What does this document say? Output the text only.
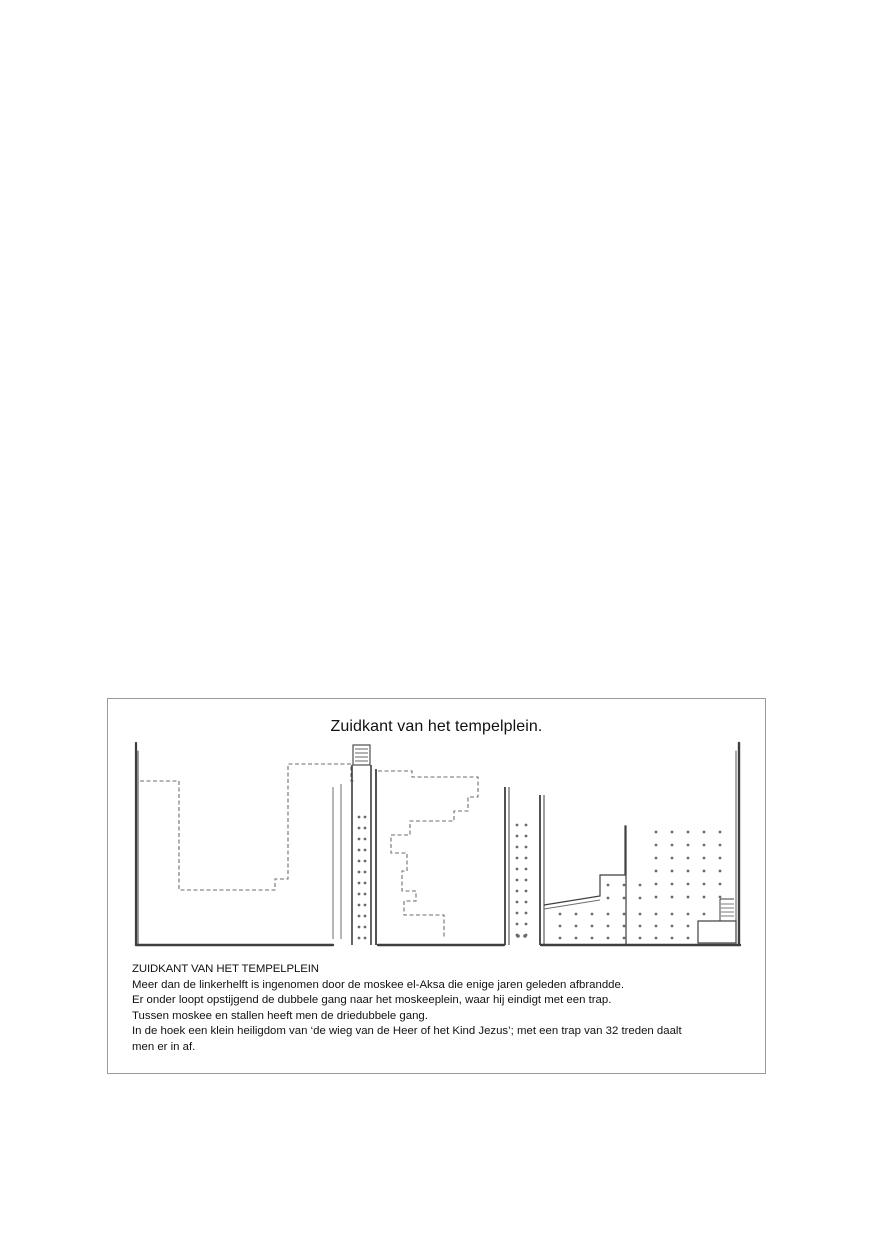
Zuidkant van het tempelplein.
ZUIDKANT VAN HET TEMPELPLEIN
Meer dan de linkerhelft is ingenomen door de moskee el-Aksa die enige jaren geleden afbrandde.
Er onder loopt opstijgend de dubbele gang naar het moskeeplein, waar hij eindigt met een trap.
Tussen moskee en stallen heeft men de driedubbele gang.
In de hoek een klein heiligdom van ‘de wieg van de Heer of het Kind Jezus’; met een trap van 32 treden daalt
men er in af.
